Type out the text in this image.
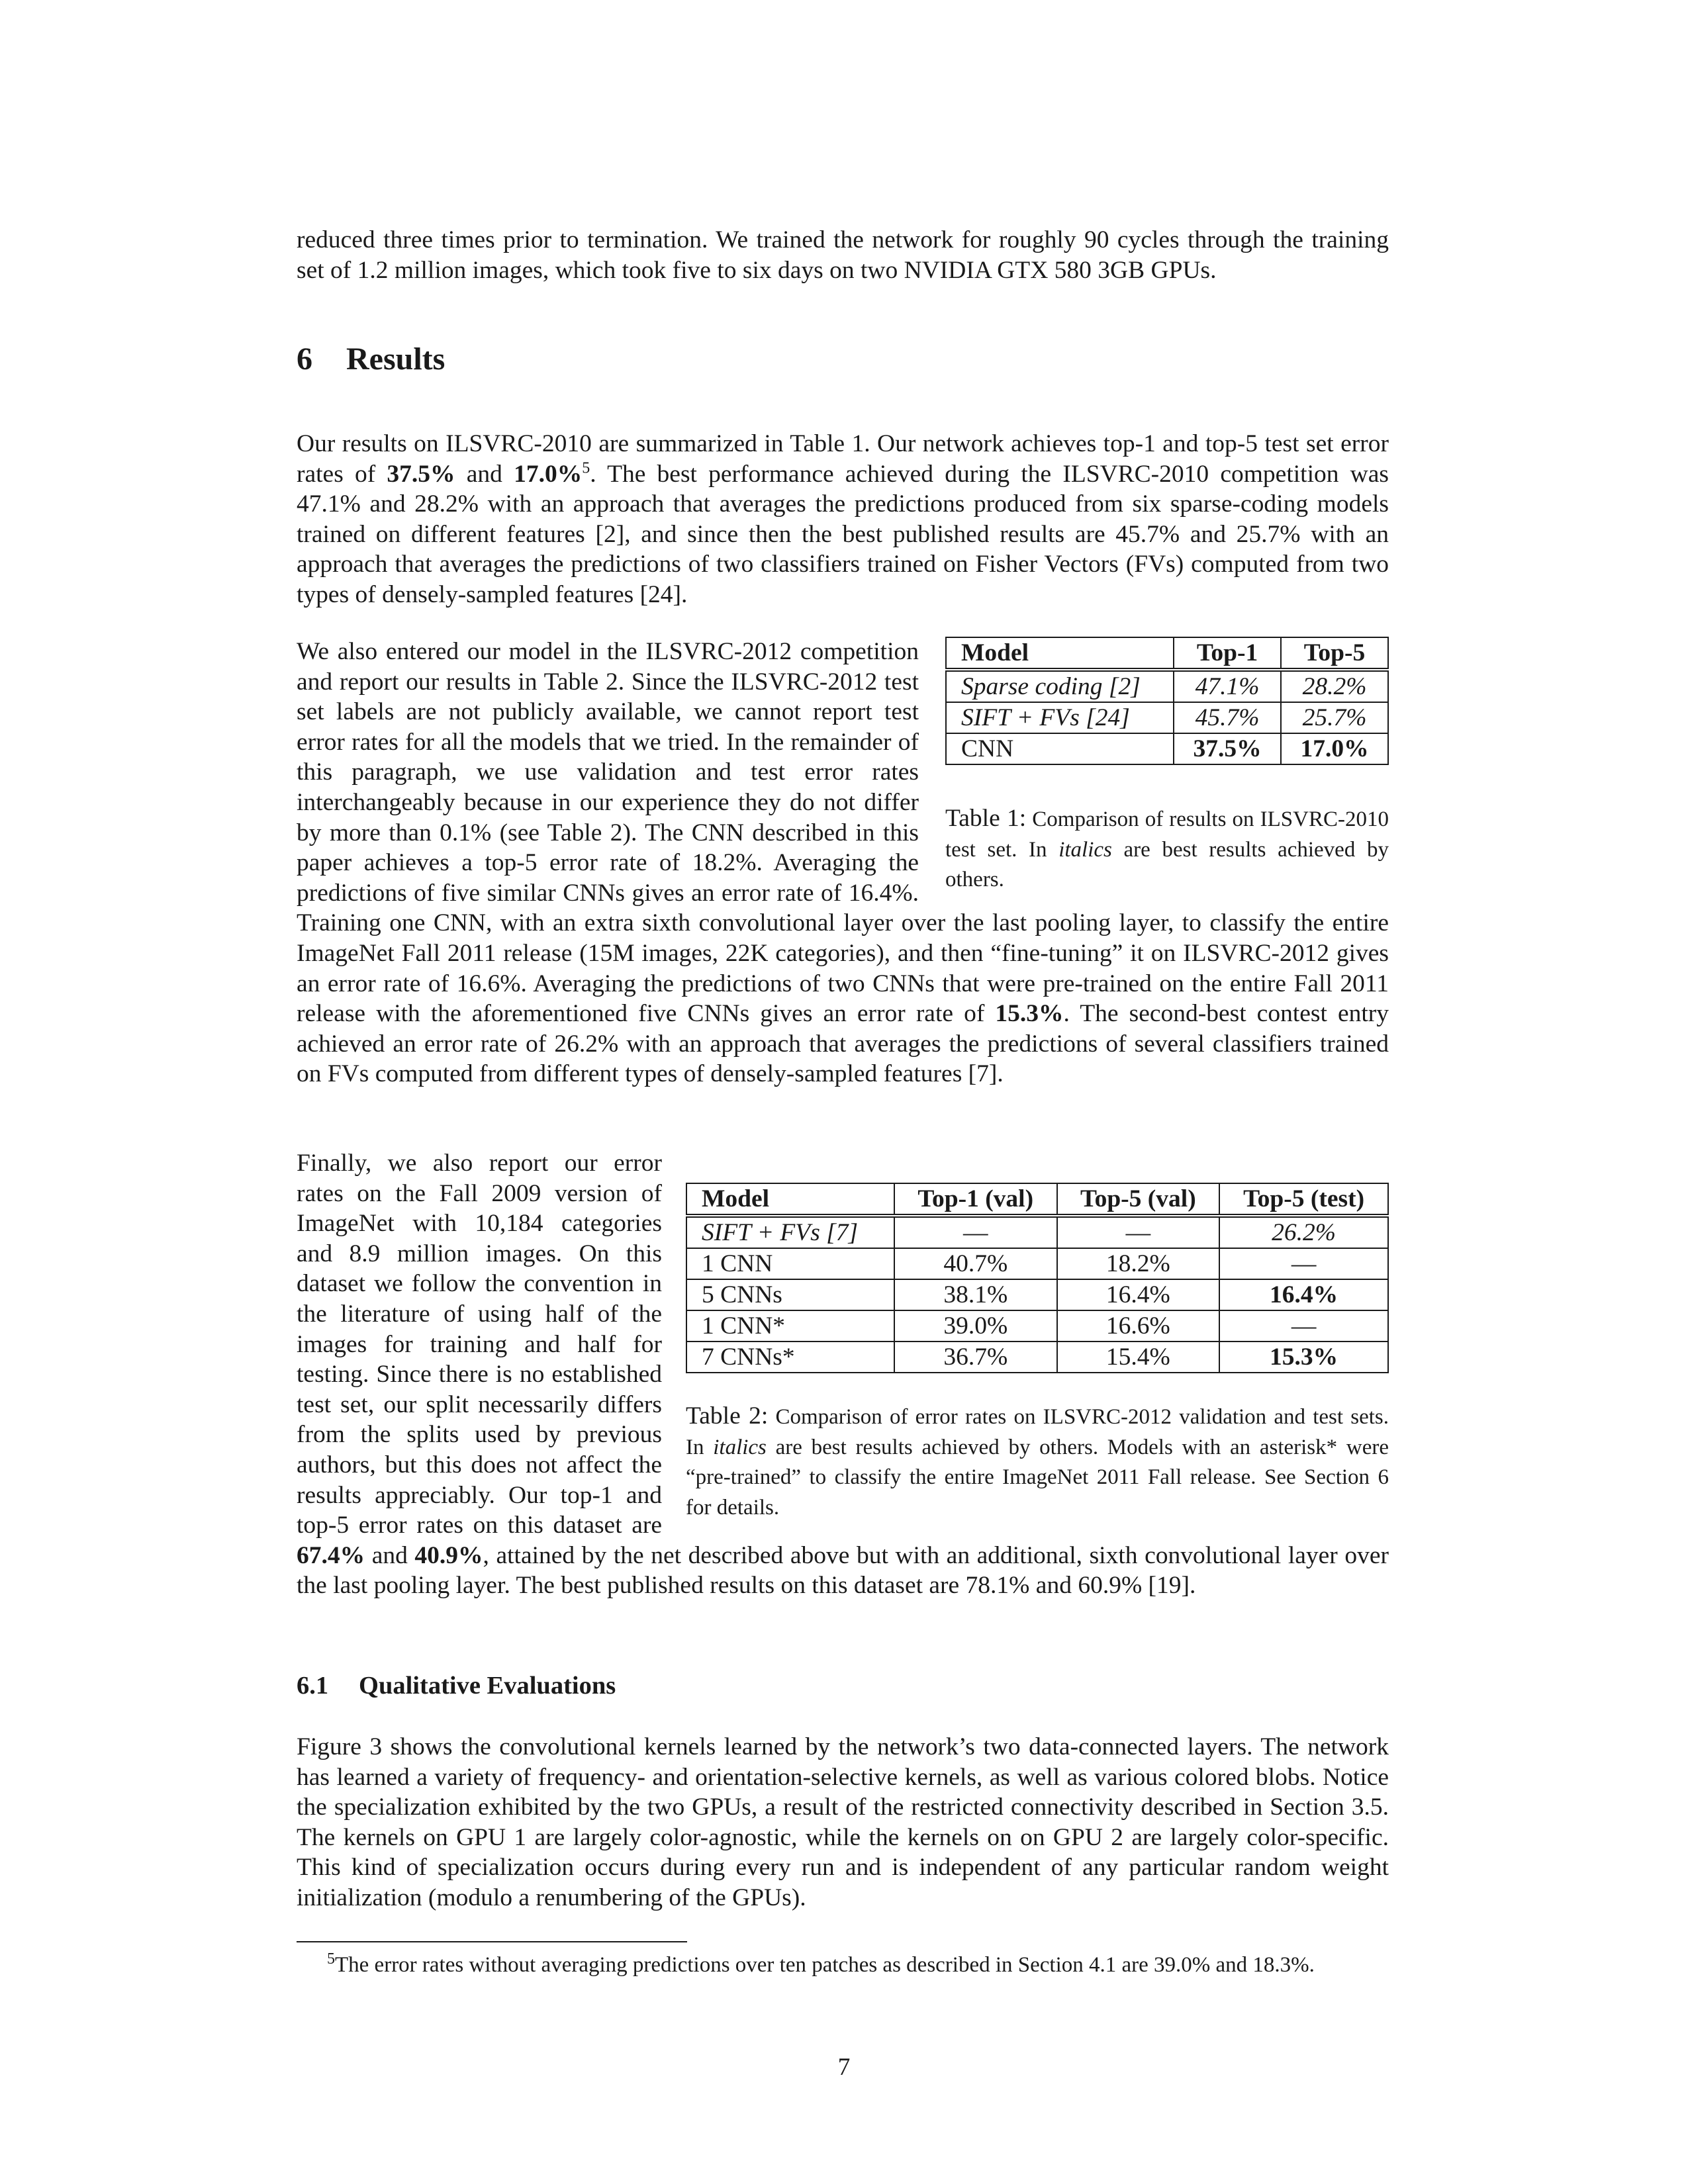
reduced three times prior to termination. We trained the network for roughly 90 cycles through the training set of 1.2 million images, which took five to six days on two NVIDIA GTX 580 3GB GPUs.

6 Results

Our results on ILSVRC-2010 are summarized in Table 1. Our network achieves top-1 and top-5 test set error rates of 37.5% and 17.0%$^5$. The best performance achieved during the ILSVRC-2010 competition was 47.1% and 28.2% with an approach that averages the predictions produced from six sparse-coding models trained on different features [2], and since then the best published results are 45.7% and 25.7% with an approach that averages the predictions of two classifiers trained on Fisher Vectors (FVs) computed from two types of densely-sampled features [24].

Model	Top-1	Top-5
Sparse coding [2]	47.1%	28.2%
SIFT + FVs [24]	45.7%	25.7%
CNN	37.5%	17.0%
Table 1: Comparison of results on ILSVRC-2010 test set. In italics are best results achieved by others.

We also entered our model in the ILSVRC-2012 competition and report our results in Table 2. Since the ILSVRC-2012 test set labels are not publicly available, we cannot report test error rates for all the models that we tried. In the remainder of this paragraph, we use validation and test error rates interchangeably because in our experience they do not differ by more than 0.1% (see Table 2). The CNN described in this paper achieves a top-5 error rate of 18.2%. Averaging the predictions of five similar CNNs gives an error rate of 16.4%. Training one CNN, with an extra sixth convolutional layer over the last pooling layer, to classify the entire ImageNet Fall 2011 release (15M images, 22K categories), and then “fine-tuning” it on ILSVRC-2012 gives an error rate of 16.6%. Averaging the predictions of two CNNs that were pre-trained on the entire Fall 2011 release with the aforementioned five CNNs gives an error rate of 15.3%. The second-best contest entry achieved an error rate of 26.2% with an approach that averages the predictions of several classifiers trained on FVs computed from different types of densely-sampled features [7].

Model	Top-1 (val)	Top-5 (val)	Top-5 (test)
SIFT + FVs [7]	—	—	26.2%
1 CNN	40.7%	18.2%	—
5 CNNs	38.1%	16.4%	16.4%
1 CNN*	39.0%	16.6%	—
7 CNNs*	36.7%	15.4%	15.3%
Table 2: Comparison of error rates on ILSVRC-2012 validation and test sets. In italics are best results achieved by others. Models with an asterisk* were “pre-trained” to classify the entire ImageNet 2011 Fall release. See Section 6 for details.

Finally, we also report our error rates on the Fall 2009 version of ImageNet with 10,184 categories and 8.9 million images. On this dataset we follow the convention in the literature of using half of the images for training and half for testing. Since there is no established test set, our split necessarily differs from the splits used by previous authors, but this does not affect the results appreciably. Our top-1 and top-5 error rates on this dataset are 67.4% and 40.9%, attained by the net described above but with an additional, sixth convolutional layer over the last pooling layer. The best published results on this dataset are 78.1% and 60.9% [19].

6.1 Qualitative Evaluations

Figure 3 shows the convolutional kernels learned by the network’s two data-connected layers. The network has learned a variety of frequency- and orientation-selective kernels, as well as various colored blobs. Notice the specialization exhibited by the two GPUs, a result of the restricted connectivity described in Section 3.5. The kernels on GPU 1 are largely color-agnostic, while the kernels on on GPU 2 are largely color-specific. This kind of specialization occurs during every run and is independent of any particular random weight initialization (modulo a renumbering of the GPUs).

$^5$The error rates without averaging predictions over ten patches as described in Section 4.1 are 39.0% and 18.3%.
7
